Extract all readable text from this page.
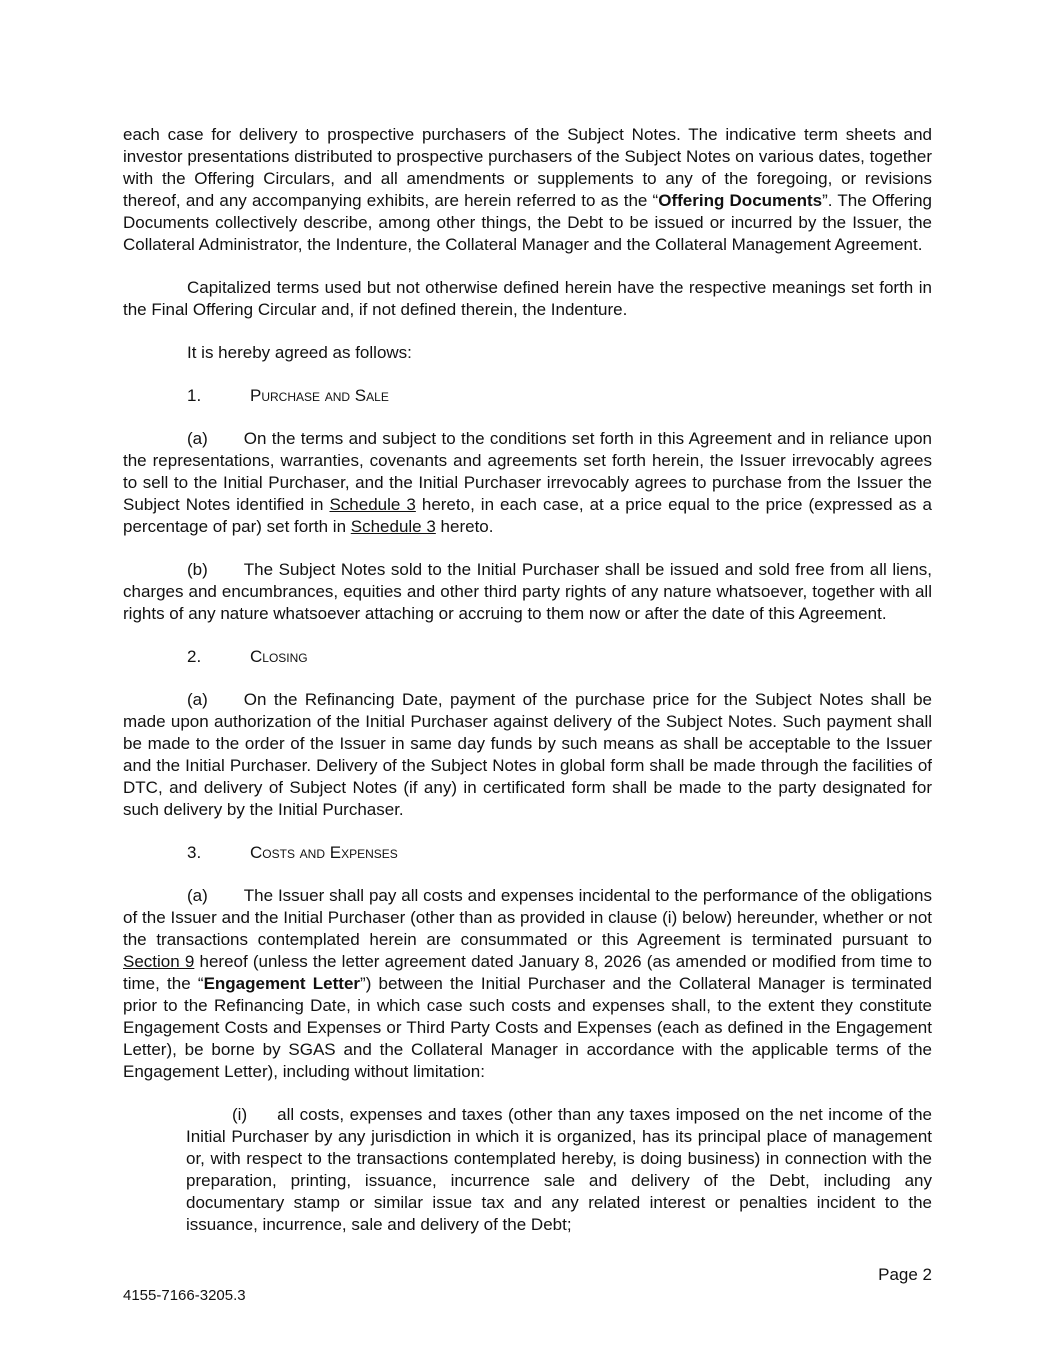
each case for delivery to prospective purchasers of the Subject Notes. The indicative term sheets and investor presentations distributed to prospective purchasers of the Subject Notes on various dates, together with the Offering Circulars, and all amendments or supplements to any of the foregoing, or revisions thereof, and any accompanying exhibits, are herein referred to as the “Offering Documents”. The Offering Documents collectively describe, among other things, the Debt to be issued or incurred by the Issuer, the Collateral Administrator, the Indenture, the Collateral Manager and the Collateral Management Agreement.

Capitalized terms used but not otherwise defined herein have the respective meanings set forth in the Final Offering Circular and, if not defined therein, the Indenture.

It is hereby agreed as follows:

1.	Purchase and Sale

(a) On the terms and subject to the conditions set forth in this Agreement and in reliance upon the representations, warranties, covenants and agreements set forth herein, the Issuer irrevocably agrees to sell to the Initial Purchaser, and the Initial Purchaser irrevocably agrees to purchase from the Issuer the Subject Notes identified in Schedule 3 hereto, in each case, at a price equal to the price (expressed as a percentage of par) set forth in Schedule 3 hereto.

(b) The Subject Notes sold to the Initial Purchaser shall be issued and sold free from all liens, charges and encumbrances, equities and other third party rights of any nature whatsoever, together with all rights of any nature whatsoever attaching or accruing to them now or after the date of this Agreement.

2.	Closing

(a) On the Refinancing Date, payment of the purchase price for the Subject Notes shall be made upon authorization of the Initial Purchaser against delivery of the Subject Notes. Such payment shall be made to the order of the Issuer in same day funds by such means as shall be acceptable to the Issuer and the Initial Purchaser. Delivery of the Subject Notes in global form shall be made through the facilities of DTC, and delivery of Subject Notes (if any) in certificated form shall be made to the party designated for such delivery by the Initial Purchaser.

3.	Costs and Expenses

(a) The Issuer shall pay all costs and expenses incidental to the performance of the obligations of the Issuer and the Initial Purchaser (other than as provided in clause (i) below) hereunder, whether or not the transactions contemplated herein are consummated or this Agreement is terminated pursuant to Section 9 hereof (unless the letter agreement dated January 8, 2026 (as amended or modified from time to time, the “Engagement Letter”) between the Initial Purchaser and the Collateral Manager is terminated prior to the Refinancing Date, in which case such costs and expenses shall, to the extent they constitute Engagement Costs and Expenses or Third Party Costs and Expenses (each as defined in the Engagement Letter), be borne by SGAS and the Collateral Manager in accordance with the applicable terms of the Engagement Letter), including without limitation:

(i) all costs, expenses and taxes (other than any taxes imposed on the net income of the Initial Purchaser by any jurisdiction in which it is organized, has its principal place of management or, with respect to the transactions contemplated hereby, is doing business) in connection with the preparation, printing, issuance, incurrence sale and delivery of the Debt, including any documentary stamp or similar issue tax and any related interest or penalties incident to the issuance, incurrence, sale and delivery of the Debt;

Page 2
4155-7166-3205.3
